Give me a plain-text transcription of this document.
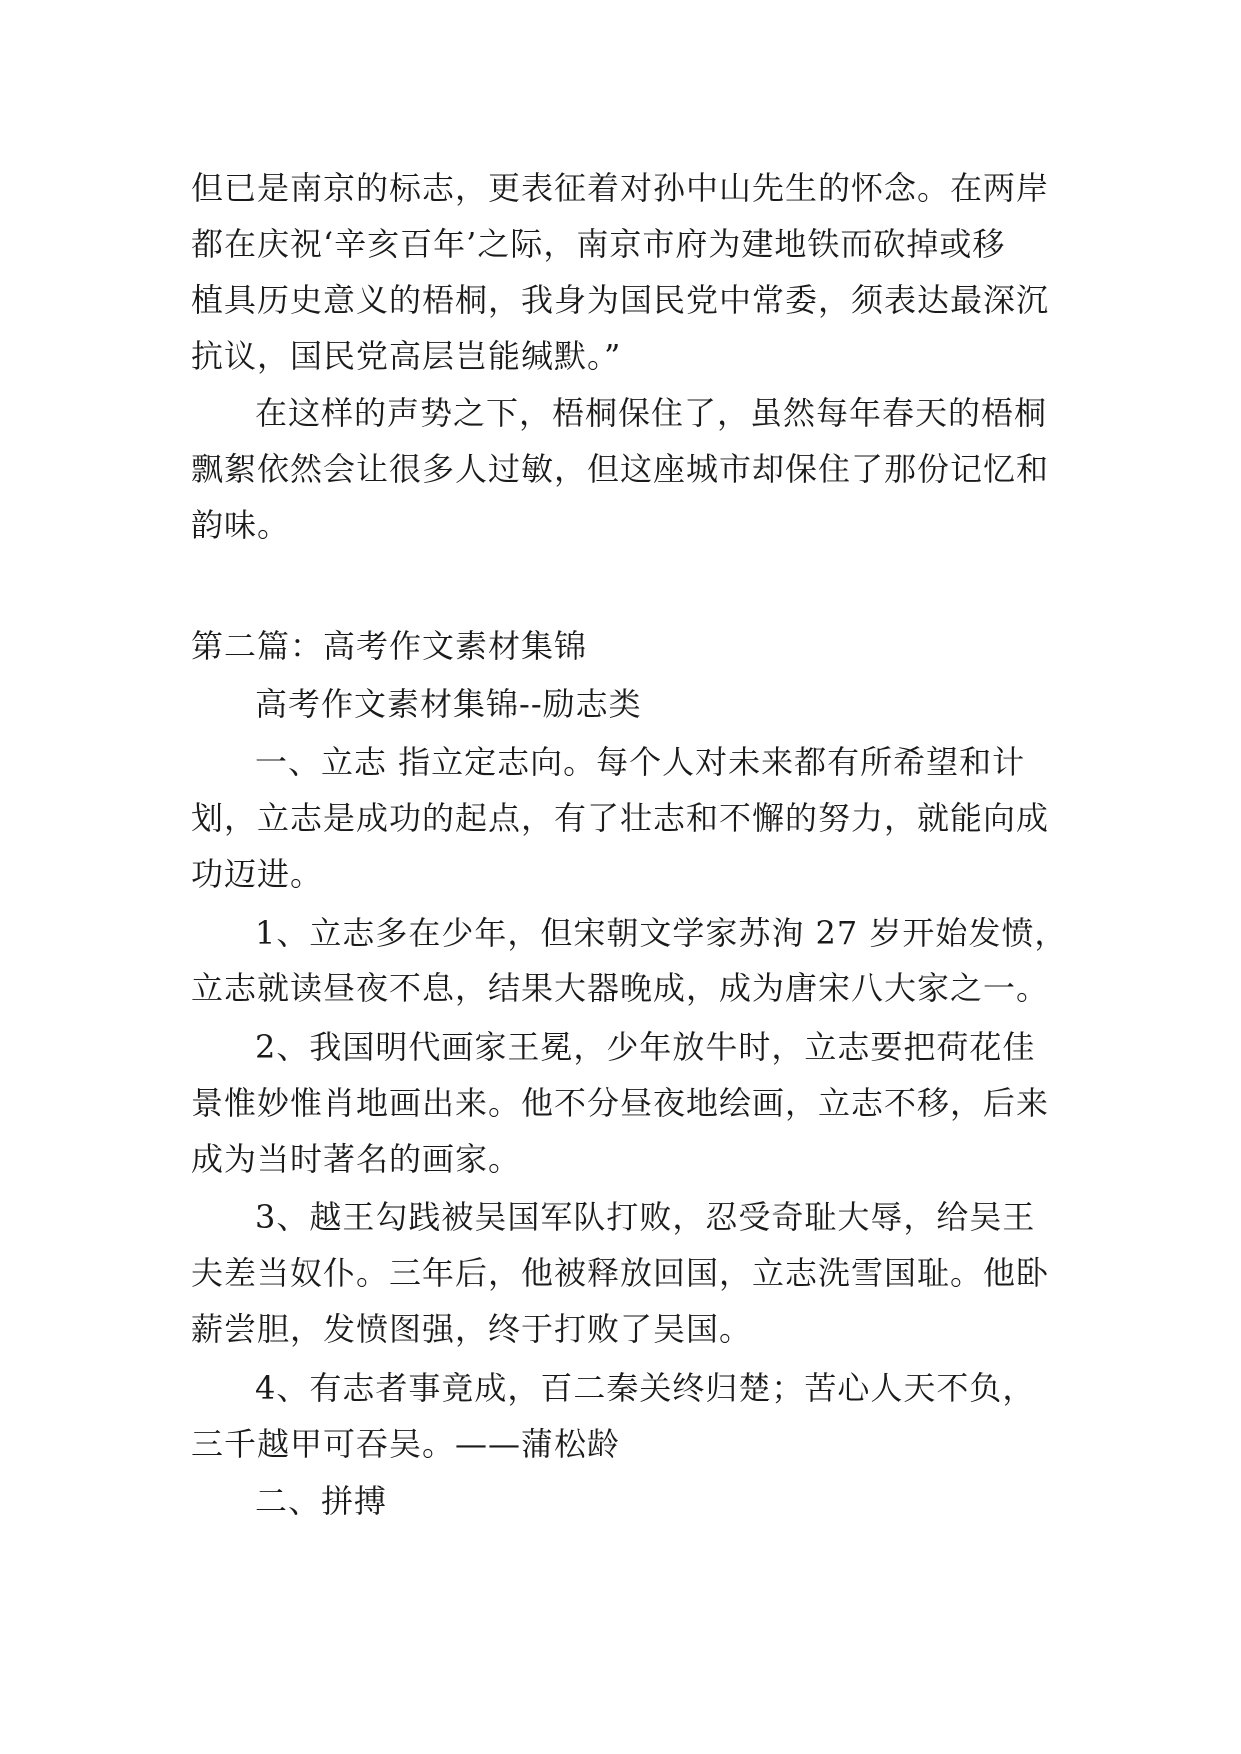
但已是南京的标志，更表征着对孙中山先生的怀念。在两岸
都在庆祝‘辛亥百年’之际，南京市府为建地铁而砍掉或移
植具历史意义的梧桐，我身为国民党中常委，须表达最深沉
抗议，国民党高层岂能缄默。”
在这样的声势之下，梧桐保住了，虽然每年春天的梧桐
飘絮依然会让很多人过敏，但这座城市却保住了那份记忆和
韵味。
第二篇：高考作文素材集锦
高考作文素材集锦--励志类
一、立志 指立定志向。每个人对未来都有所希望和计
划，立志是成功的起点，有了壮志和不懈的努力，就能向成
功迈进。
1、立志多在少年，但宋朝文学家苏洵 27 岁开始发愤，
立志就读昼夜不息，结果大器晚成，成为唐宋八大家之一。
2、我国明代画家王冕，少年放牛时，立志要把荷花佳
景惟妙惟肖地画出来。他不分昼夜地绘画，立志不移，后来
成为当时著名的画家。
3、越王勾践被吴国军队打败，忍受奇耻大辱，给吴王
夫差当奴仆。三年后，他被释放回国，立志洗雪国耻。他卧
薪尝胆，发愤图强，终于打败了吴国。
4、有志者事竟成，百二秦关终归楚；苦心人天不负，
三千越甲可吞吴。——蒲松龄
二、拼搏
